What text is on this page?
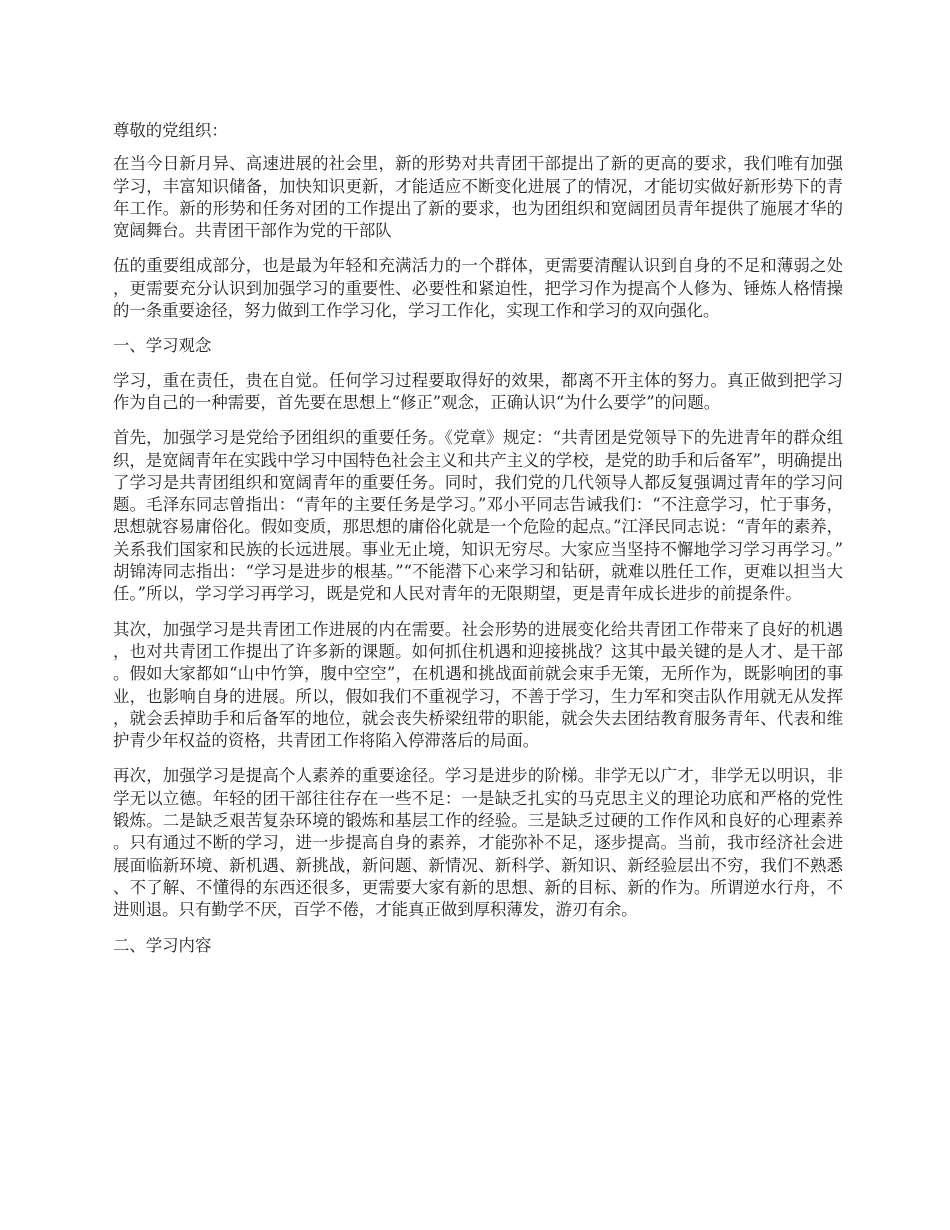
尊敬的党组织：

在当今日新月异、高速进展的社会里，新的形势对共青团干部提出了新的更高的要求，我们唯有加强学习，丰富知识储备，加快知识更新，才能适应不断变化进展了的情况，才能切实做好新形势下的青年工作。新的形势和任务对团的工作提出了新的要求，也为团组织和宽阔团员青年提供了施展才华的宽阔舞台。共青团干部作为党的干部队

伍的重要组成部分，也是最为年轻和充满活力的一个群体，更需要清醒认识到自身的不足和薄弱之处，更需要充分认识到加强学习的重要性、必要性和紧迫性，把学习作为提高个人修为、锤炼人格情操的一条重要途径，努力做到工作学习化，学习工作化，实现工作和学习的双向强化。

一、学习观念

学习，重在责任，贵在自觉。任何学习过程要取得好的效果，都离不开主体的努力。真正做到把学习作为自己的一种需要，首先要在思想上“修正”观念，正确认识“为什么要学”的问题。

首先，加强学习是党给予团组织的重要任务。《党章》规定：“共青团是党领导下的先进青年的群众组织，是宽阔青年在实践中学习中国特色社会主义和共产主义的学校，是党的助手和后备军”，明确提出了学习是共青团组织和宽阔青年的重要任务。同时，我们党的几代领导人都反复强调过青年的学习问题。毛泽东同志曾指出：“青年的主要任务是学习。”邓小平同志告诫我们：“不注意学习，忙于事务，思想就容易庸俗化。假如变质，那思想的庸俗化就是一个危险的起点。”江泽民同志说：“青年的素养，关系我们国家和民族的长远进展。事业无止境，知识无穷尽。大家应当坚持不懈地学习学习再学习。”胡锦涛同志指出：“学习是进步的根基。”“不能潜下心来学习和钻研，就难以胜任工作，更难以担当大任。”所以，学习学习再学习，既是党和人民对青年的无限期望，更是青年成长进步的前提条件。

其次，加强学习是共青团工作进展的内在需要。社会形势的进展变化给共青团工作带来了良好的机遇，也对共青团工作提出了许多新的课题。如何抓住机遇和迎接挑战？这其中最关键的是人才、是干部。假如大家都如“山中竹笋，腹中空空”，在机遇和挑战面前就会束手无策，无所作为，既影响团的事业，也影响自身的进展。所以，假如我们不重视学习，不善于学习，生力军和突击队作用就无从发挥，就会丢掉助手和后备军的地位，就会丧失桥梁纽带的职能，就会失去团结教育服务青年、代表和维护青少年权益的资格，共青团工作将陷入停滞落后的局面。

再次，加强学习是提高个人素养的重要途径。学习是进步的阶梯。非学无以广才，非学无以明识，非学无以立德。年轻的团干部往往存在一些不足：一是缺乏扎实的马克思主义的理论功底和严格的党性锻炼。二是缺乏艰苦复杂环境的锻炼和基层工作的经验。三是缺乏过硬的工作作风和良好的心理素养。只有通过不断的学习，进一步提高自身的素养，才能弥补不足，逐步提高。当前，我市经济社会进展面临新环境、新机遇、新挑战，新问题、新情况、新科学、新知识、新经验层出不穷，我们不熟悉、不了解、不懂得的东西还很多，更需要大家有新的思想、新的目标、新的作为。所谓逆水行舟，不进则退。只有勤学不厌，百学不倦，才能真正做到厚积薄发，游刃有余。

二、学习内容
